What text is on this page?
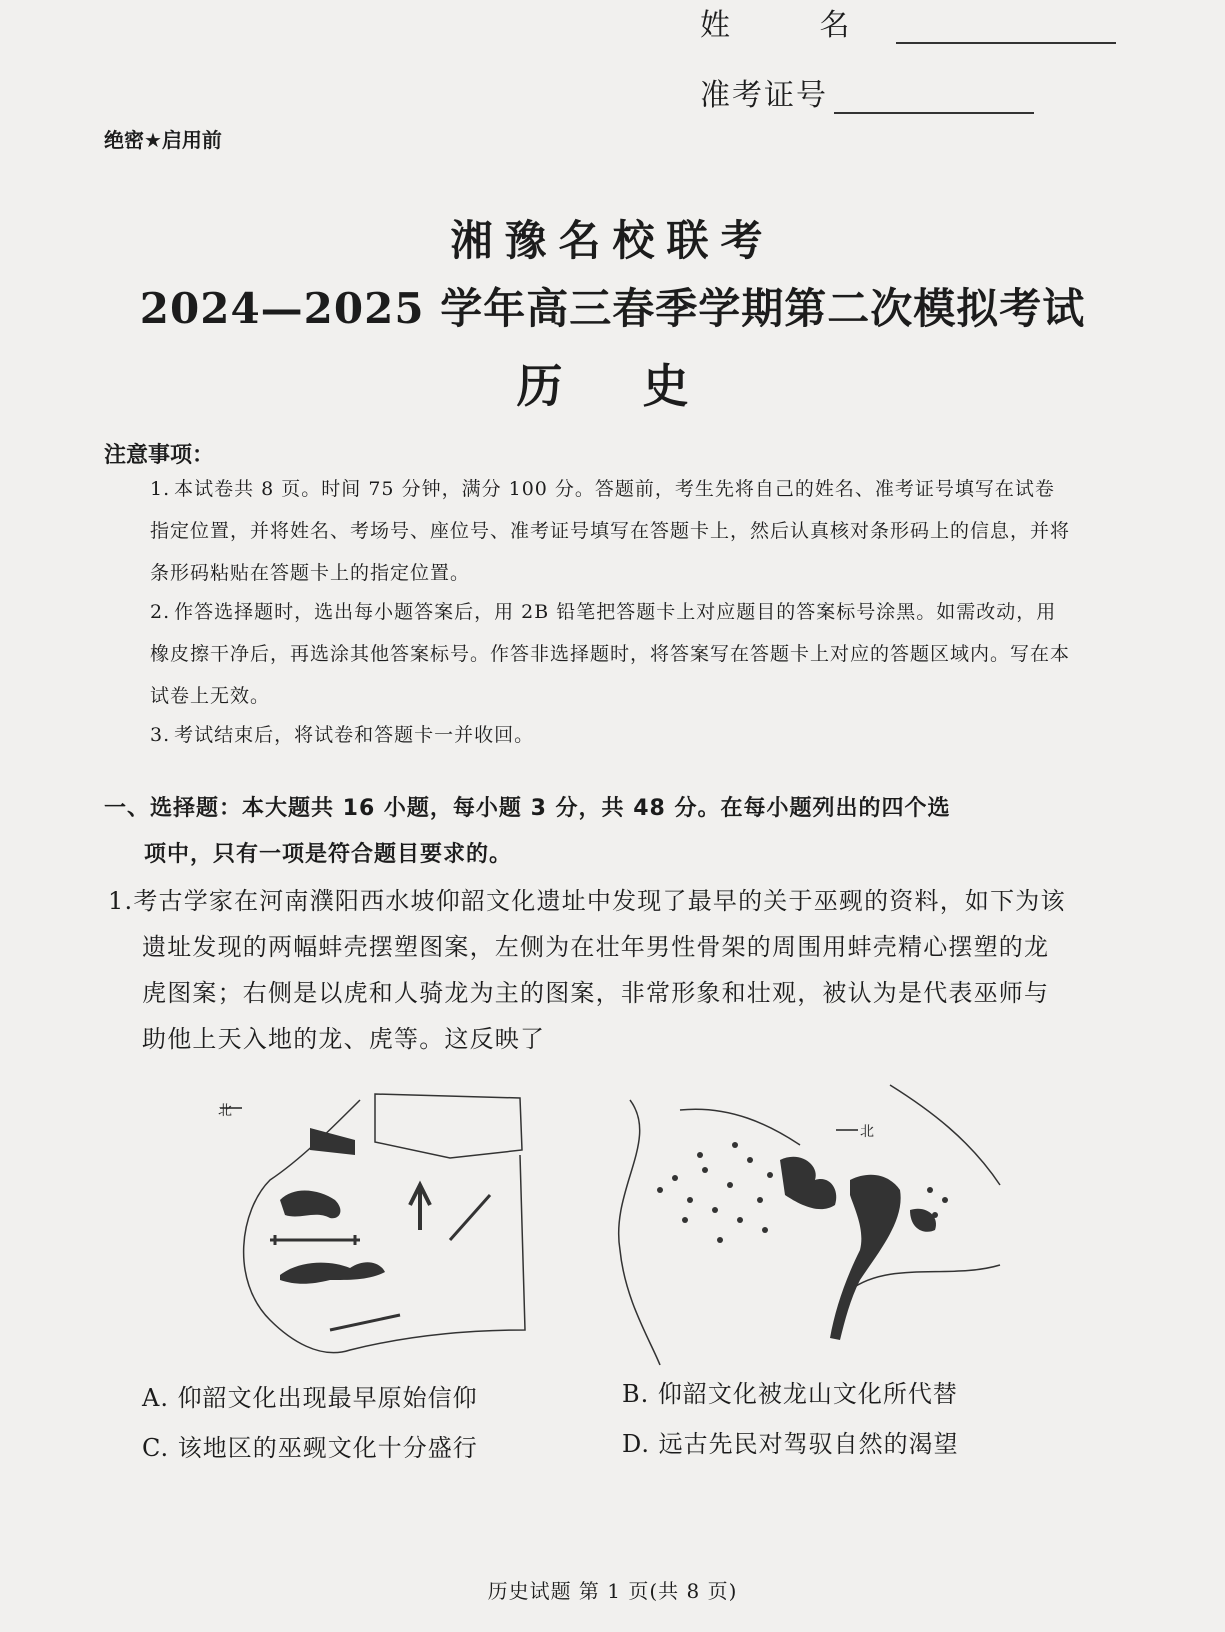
姓 名
准考证号
绝密★启用前
湘豫名校联考
2024—2025 学年高三春季学期第二次模拟考试
历史
注意事项：
1. 本试卷共 8 页。时间 75 分钟，满分 100 分。答题前，考生先将自己的姓名、准考证号填写在试卷指定位置，并将姓名、考场号、座位号、准考证号填写在答题卡上，然后认真核对条形码上的信息，并将条形码粘贴在答题卡上的指定位置。
2. 作答选择题时，选出每小题答案后，用 2B 铅笔把答题卡上对应题目的答案标号涂黑。如需改动，用橡皮擦干净后，再选涂其他答案标号。作答非选择题时，将答案写在答题卡上对应的答题区域内。写在本试卷上无效。
3. 考试结束后，将试卷和答题卡一并收回。
一、选择题：本大题共 16 小题，每小题 3 分，共 48 分。在每小题列出的四个选
项中，只有一项是符合题目要求的。
1.考古学家在河南濮阳西水坡仰韶文化遗址中发现了最早的关于巫觋的资料，如下为该遗址发现的两幅蚌壳摆塑图案，左侧为在壮年男性骨架的周围用蚌壳精心摆塑的龙虎图案；右侧是以虎和人骑龙为主的图案，非常形象和壮观，被认为是代表巫师与助他上天入地的龙、虎等。这反映了
北
北
A. 仰韶文化出现最早原始信仰	B. 仰韶文化被龙山文化所代替
C. 该地区的巫觋文化十分盛行	D. 远古先民对驾驭自然的渴望
历史试题 第 1 页(共 8 页)
